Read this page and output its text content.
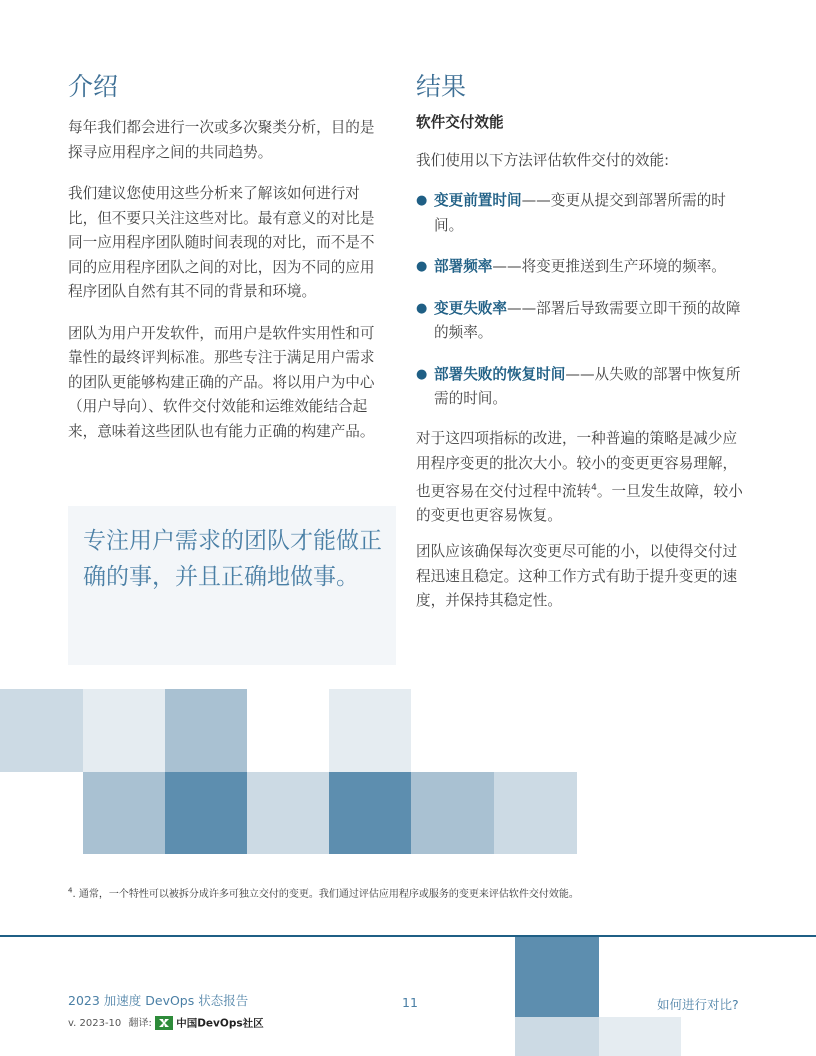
介绍

每年我们都会进行一次或多次聚类分析，目的是探寻应用程序之间的共同趋势。

我们建议您使用这些分析来了解该如何进行对比，但不要只关注这些对比。最有意义的对比是同一应用程序团队随时间表现的对比，而不是不同的应用程序团队之间的对比，因为不同的应用程序团队自然有其不同的背景和环境。

团队为用户开发软件，而用户是软件实用性和可靠性的最终评判标准。那些专注于满足用户需求的团队更能够构建正确的产品。将以用户为中心（用户导向）、软件交付效能和运维效能结合起来，意味着这些团队也有能力正确的构建产品。

专注用户需求的团队才能做正确的事，并且正确地做事。

结果

软件交付效能

我们使用以下方法评估软件交付的效能:

● 变更前置时间——变更从提交到部署所需的时间。
● 部署频率——将变更推送到生产环境的频率。
● 变更失败率——部署后导致需要立即干预的故障的频率。
● 部署失败的恢复时间——从失败的部署中恢复所需的时间。

对于这四项指标的改进，一种普遍的策略是减少应用程序变更的批次大小。较小的变更更容易理解，也更容易在交付过程中流转$^4$。一旦发生故障，较小的变更也更容易恢复。

团队应该确保每次变更尽可能的小，以使得交付过程迅速且稳定。这种工作方式有助于提升变更的速度，并保持其稳定性。

$^4$. 通常，一个特性可以被拆分成许多可独立交付的变更。我们通过评估应用程序或服务的变更来评估软件交付效能。
2023 加速度 DevOps 状态报告
v. 2023-10 翻译: 中国DevOps社区
11	如何进行对比?
